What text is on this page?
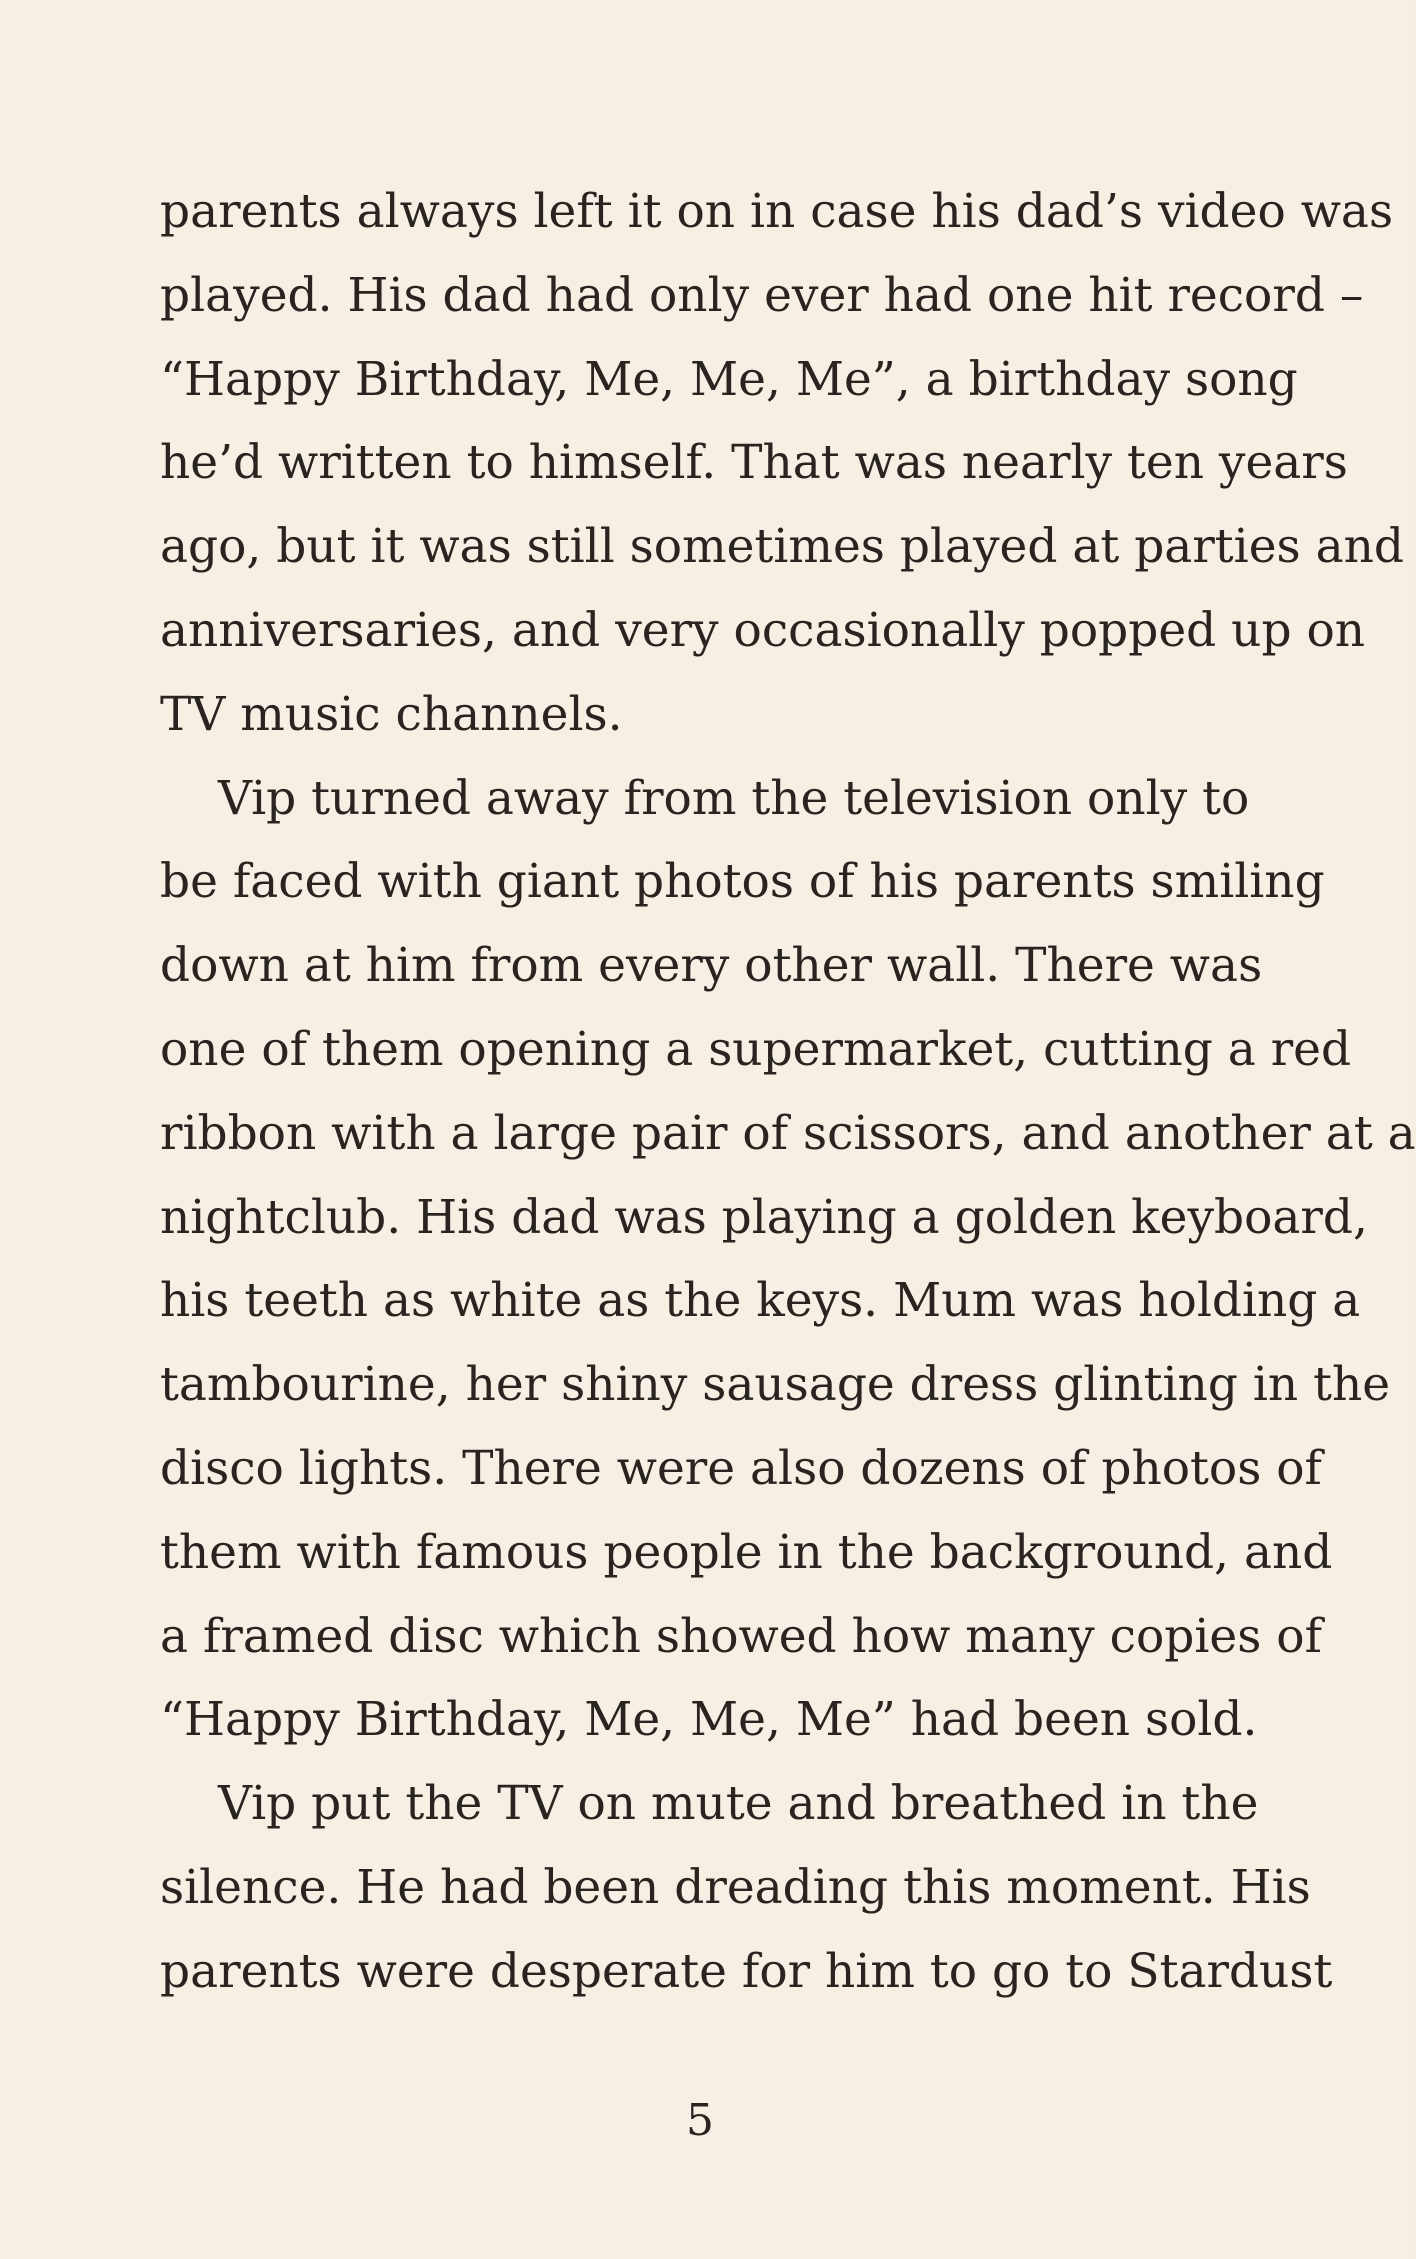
parents always left it on in case his dad’s video was
played. His dad had only ever had one hit record –
“Happy Birthday, Me, Me, Me”, a birthday song
he’d written to himself. That was nearly ten years
ago, but it was still sometimes played at parties and
anniversaries, and very occasionally popped up on
TV music channels.
Vip turned away from the television only to
be faced with giant photos of his parents smiling
down at him from every other wall. There was
one of them opening a supermarket, cutting a red
ribbon with a large pair of scissors, and another at a
nightclub. His dad was playing a golden keyboard,
his teeth as white as the keys. Mum was holding a
tambourine, her shiny sausage dress glinting in the
disco lights. There were also dozens of photos of
them with famous people in the background, and
a framed disc which showed how many copies of
“Happy Birthday, Me, Me, Me” had been sold.
Vip put the TV on mute and breathed in the
silence. He had been dreading this moment. His
parents were desperate for him to go to Stardust
5
